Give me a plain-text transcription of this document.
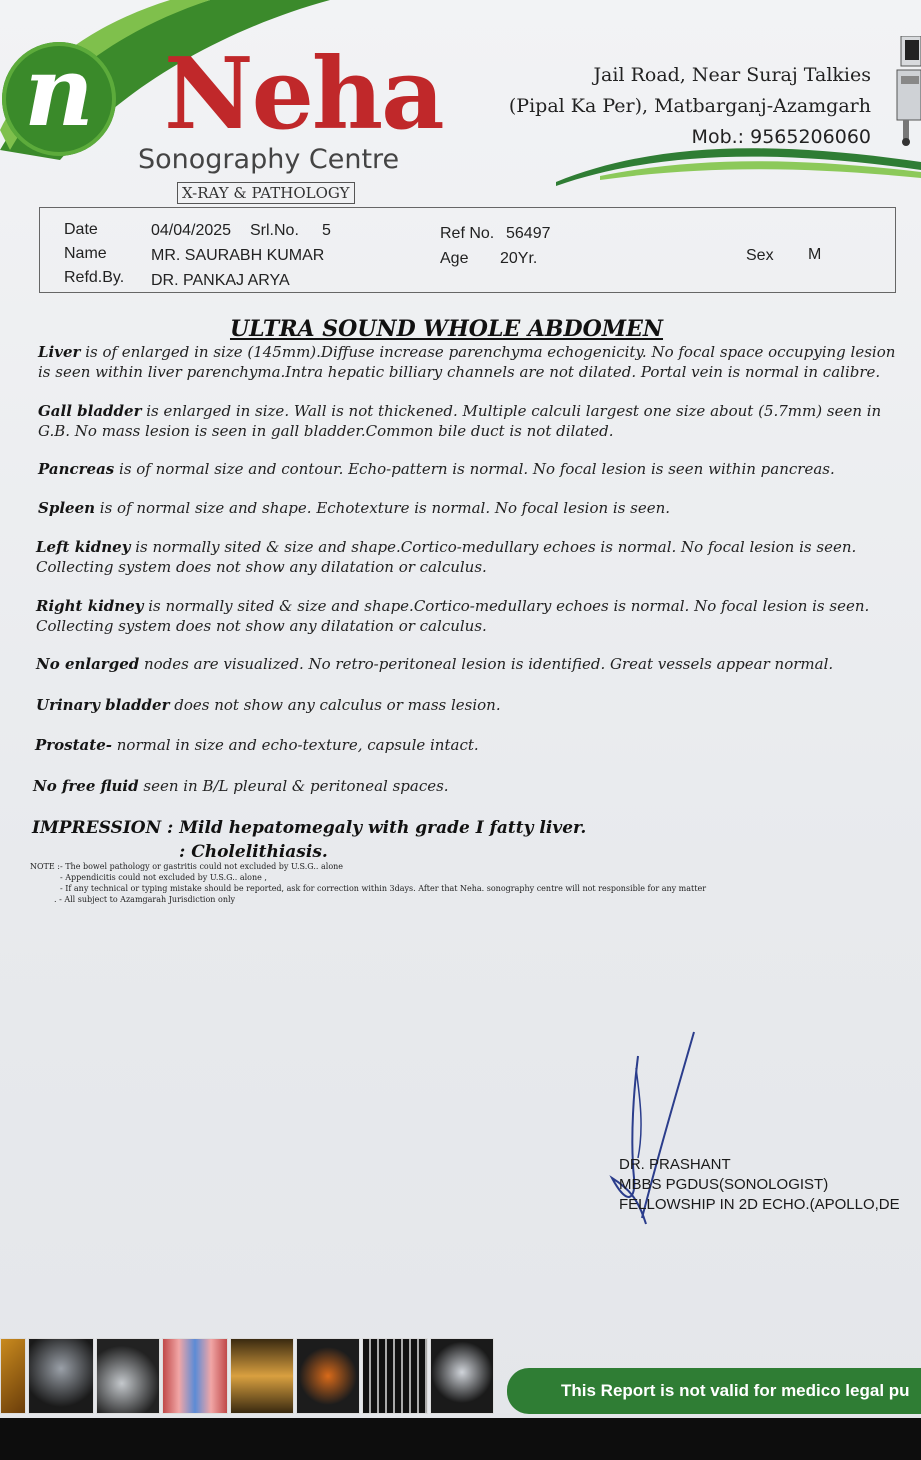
n Neha
Sonography Centre
X-RAY & PATHOLOGY
Jail Road, Near Suraj Talkies
(Pipal Ka Per), Matbarganj-Azamgarh
Mob.: 9565206060
Date	04/04/2025 Srl.No. 5	Ref No. 56497
Name	MR. SAURABH KUMAR	Age 20Yr.	Sex M
Refd.By. DR. PANKAJ ARYA
ULTRA SOUND WHOLE ABDOMEN
Liver is of enlarged in size (145mm).Diffuse increase parenchyma echogenicity. No focal space occupying lesion is seen within liver parenchyma.Intra hepatic billiary channels are not dilated. Portal vein is normal in calibre.
Gall bladder is enlarged in size. Wall is not thickened. Multiple calculi largest one size about (5.7mm) seen in G.B. No mass lesion is seen in gall bladder.Common bile duct is not dilated.
Pancreas is of normal size and contour. Echo-pattern is normal. No focal lesion is seen within pancreas.
Spleen is of normal size and shape. Echotexture is normal. No focal lesion is seen.
Left kidney is normally sited & size and shape.Cortico-medullary echoes is normal. No focal lesion is seen. Collecting system does not show any dilatation or calculus.
Right kidney is normally sited & size and shape.Cortico-medullary echoes is normal. No focal lesion is seen. Collecting system does not show any dilatation or calculus.
No enlarged nodes are visualized. No retro-peritoneal lesion is identified. Great vessels appear normal.
Urinary bladder does not show any calculus or mass lesion.
Prostate- normal in size and echo-texture, capsule intact.
No free fluid seen in B/L pleural & peritoneal spaces.
IMPRESSION : Mild hepatomegaly with grade I fatty liver.
: Cholelithiasis.
NOTE :- The bowel pathology or gastritis could not excluded by U.S.G.. alone
- Appendicitis could not excluded by U.S.G.. alone ,
- If any technical or typing mistake should be reported, ask for correction within 3days. After that Neha. sonography centre will not responsible for any matter
. - All subject to Azamgarah Jurisdiction only
DR. PRASHANT
MBBS PGDUS(SONOLOGIST)
FELLOWSHIP IN 2D ECHO.(APOLLO,DE
This Report is not valid for medico legal pu
